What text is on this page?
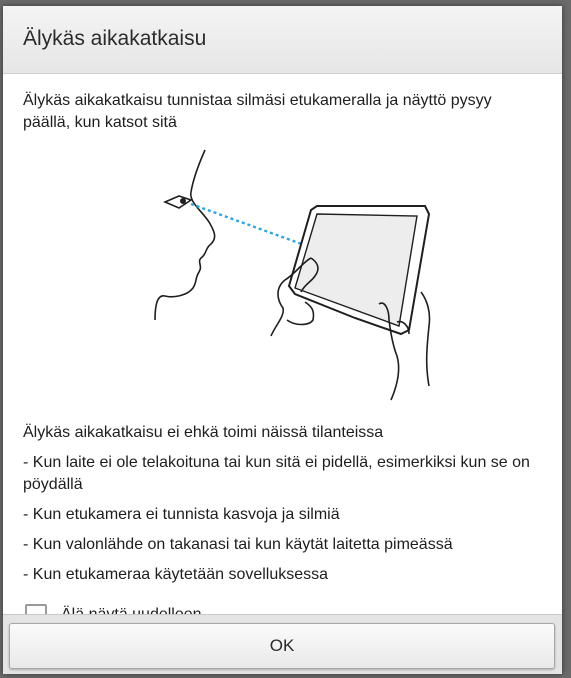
Älykäs aikakatkaisu

Älykäs aikakatkaisu tunnistaa silmäsi etukameralla ja näyttö pysyy päällä, kun katsot sitä

Älykäs aikakatkaisu ei ehkä toimi näissä tilanteissa

- Kun laite ei ole telakoituna tai kun sitä ei pidellä, esimerkiksi kun se on pöydällä

- Kun etukamera ei tunnista kasvoja ja silmiä

- Kun valonlähde on takanasi tai kun käytät laitetta pimeässä

- Kun etukameraa käytetään sovelluksessa

OK
